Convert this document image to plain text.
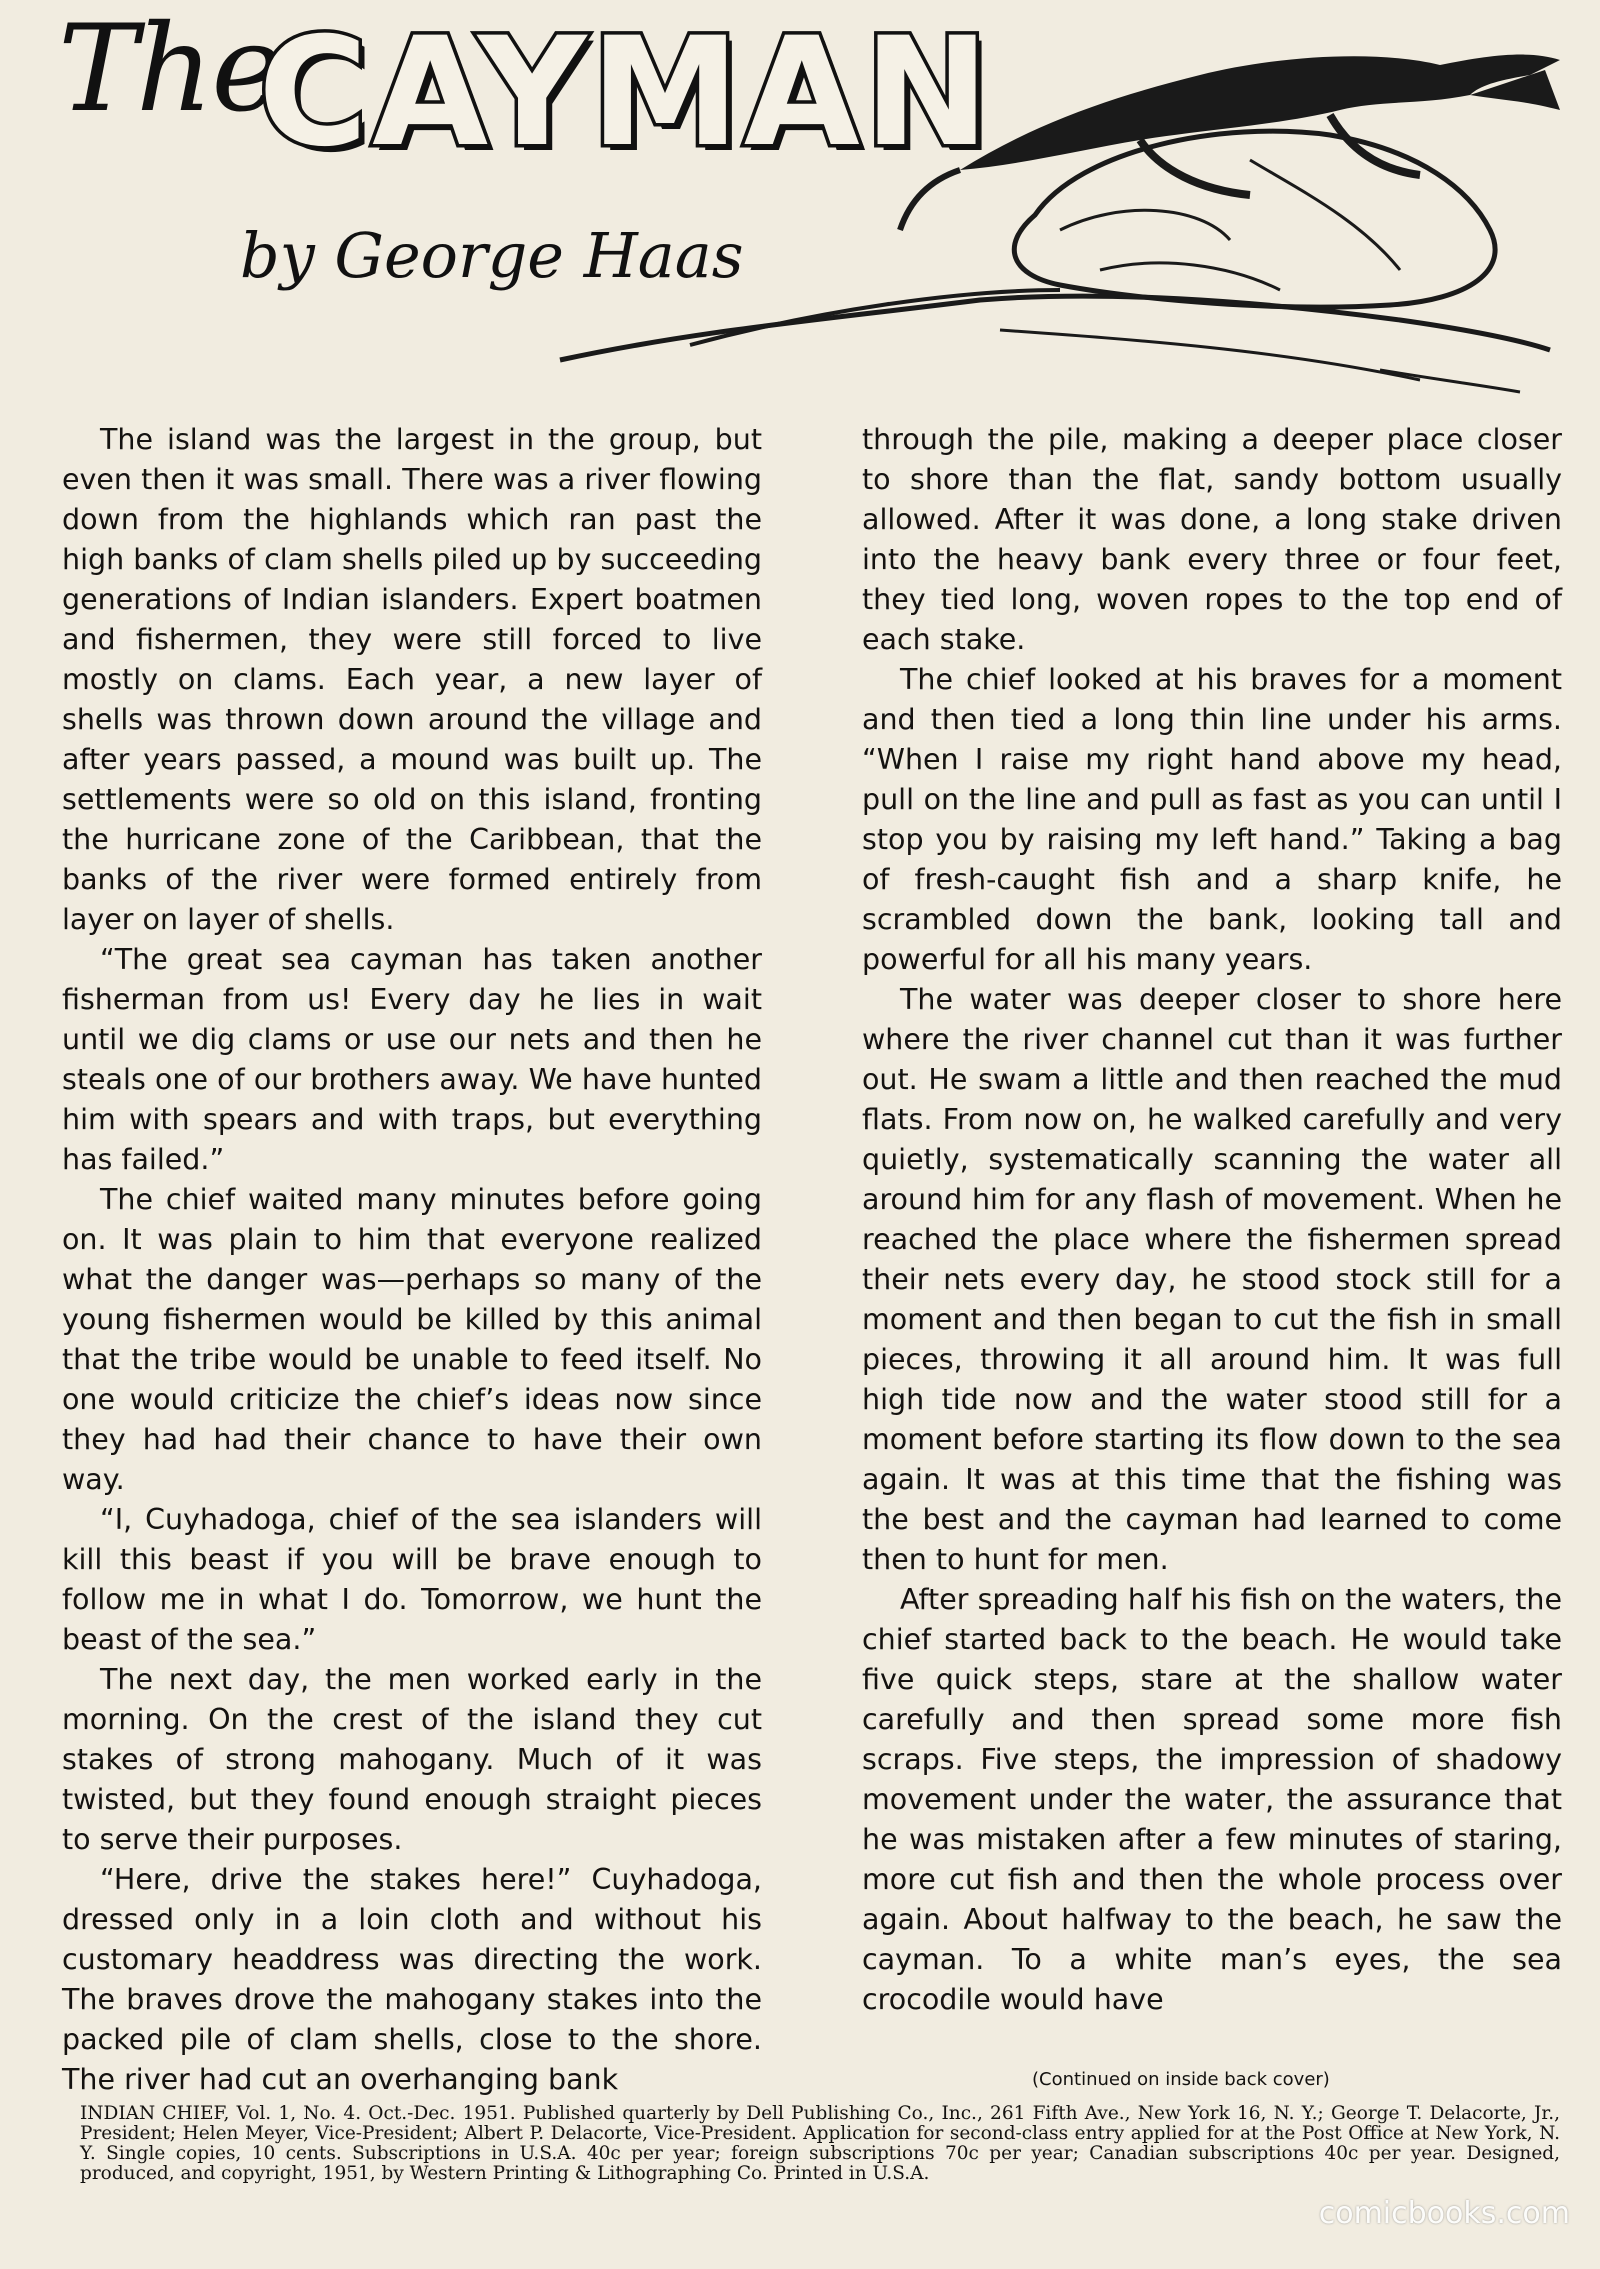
The
CAYMAN
by George Haas

The island was the largest in the group, but even then it was small. There was a river flowing down from the highlands which ran past the high banks of clam shells piled up by succeeding generations of Indian islanders. Expert boatmen and fishermen, they were still forced to live mostly on clams. Each year, a new layer of shells was thrown down around the village and after years passed, a mound was built up. The settlements were so old on this island, fronting the hurricane zone of the Caribbean, that the banks of the river were formed entirely from layer on layer of shells.

“The great sea cayman has taken another fisherman from us! Every day he lies in wait until we dig clams or use our nets and then he steals one of our brothers away. We have hunted him with spears and with traps, but everything has failed.”

The chief waited many minutes before going on. It was plain to him that everyone realized what the danger was—perhaps so many of the young fishermen would be killed by this animal that the tribe would be unable to feed itself. No one would criticize the chief’s ideas now since they had had their chance to have their own way.

“I, Cuyhadoga, chief of the sea islanders will kill this beast if you will be brave enough to follow me in what I do. Tomorrow, we hunt the beast of the sea.”

The next day, the men worked early in the morning. On the crest of the island they cut stakes of strong mahogany. Much of it was twisted, but they found enough straight pieces to serve their purposes.

“Here, drive the stakes here!” Cuyhadoga, dressed only in a loin cloth and without his customary headdress was directing the work. The braves drove the mahogany stakes into the packed pile of clam shells, close to the shore. The river had cut an overhanging bank

through the pile, making a deeper place closer to shore than the flat, sandy bottom usually allowed. After it was done, a long stake driven into the heavy bank every three or four feet, they tied long, woven ropes to the top end of each stake.

The chief looked at his braves for a moment and then tied a long thin line under his arms. “When I raise my right hand above my head, pull on the line and pull as fast as you can until I stop you by raising my left hand.” Taking a bag of fresh-caught fish and a sharp knife, he scrambled down the bank, looking tall and powerful for all his many years.

The water was deeper closer to shore here where the river channel cut than it was further out. He swam a little and then reached the mud flats. From now on, he walked carefully and very quietly, systematically scanning the water all around him for any flash of movement. When he reached the place where the fishermen spread their nets every day, he stood stock still for a moment and then began to cut the fish in small pieces, throwing it all around him. It was full high tide now and the water stood still for a moment before starting its flow down to the sea again. It was at this time that the fishing was the best and the cayman had learned to come then to hunt for men.

After spreading half his fish on the waters, the chief started back to the beach. He would take five quick steps, stare at the shallow water carefully and then spread some more fish scraps. Five steps, the impression of shadowy movement under the water, the assurance that he was mistaken after a few minutes of staring, more cut fish and then the whole process over again. About halfway to the beach, he saw the cayman. To a white man’s eyes, the sea crocodile would have

(Continued on inside back cover)
INDIAN CHIEF, Vol. 1, No. 4. Oct.-Dec. 1951. Published quarterly by Dell Publishing Co., Inc., 261 Fifth Ave., New York 16, N. Y.; George T. Delacorte, Jr., President; Helen Meyer, Vice-President; Albert P. Delacorte, Vice-President. Application for second-class entry applied for at the Post Office at New York, N. Y. Single copies, 10 cents. Subscriptions in U.S.A. 40c per year; foreign subscriptions 70c per year; Canadian subscriptions 40c per year. Designed, produced, and copyright, 1951, by Western Printing & Lithographing Co. Printed in U.S.A.
comicbooks.com
